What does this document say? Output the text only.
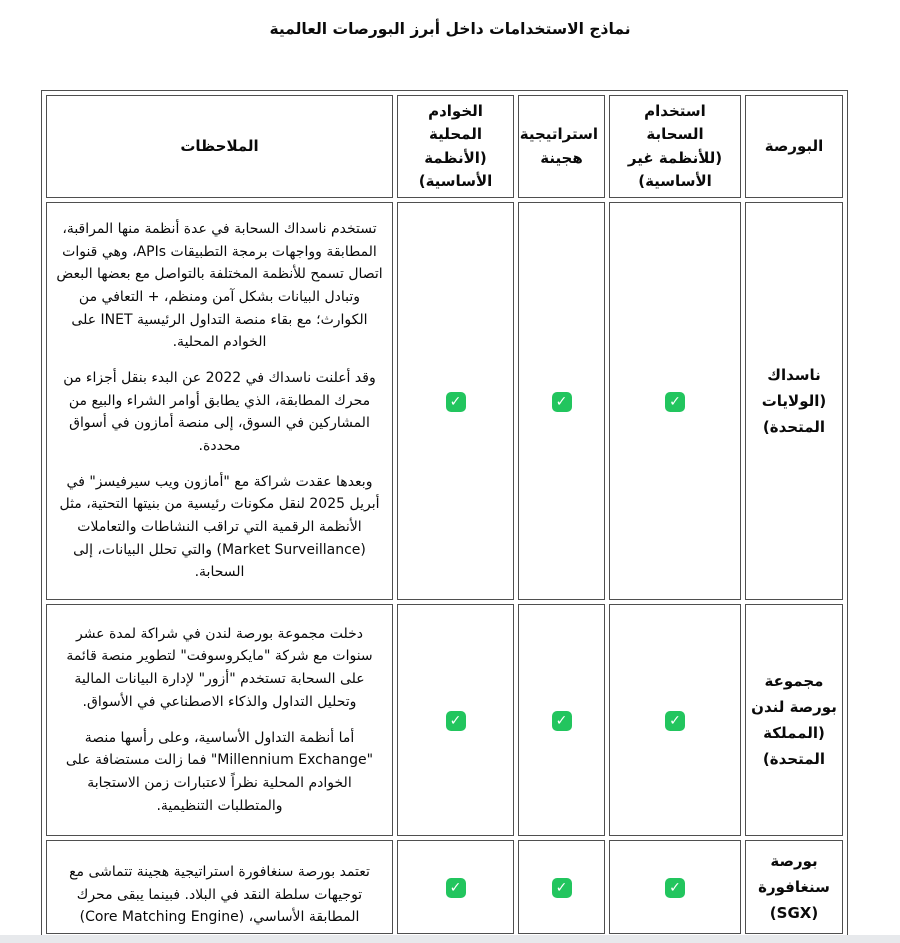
نماذج الاستخدامات داخل أبرز البورصات العالمية
البورصة	استخدام السحابة (للأنظمة غير الأساسية)	استراتيجية هجينة	الخوادم المحلية (الأنظمة الأساسية)	الملاحظات
ناسداك (الولايات المتحدة)	✓	✓	✓	تستخدم ناسداك السحابة في عدة أنظمة منها المراقبة، المطابقة وواجهات برمجة التطبيقات APIs، وهي قنوات اتصال تسمح للأنظمة المختلفة بالتواصل مع بعضها البعض وتبادل البيانات بشكل آمن ومنظم، + التعافي من الكوارث؛ مع بقاء منصة التداول الرئيسية INET على الخوادم المحلية.

وقد أعلنت ناسداك في 2022 عن البدء بنقل أجزاء من محرك المطابقة، الذي يطابق أوامر الشراء والبيع من المشاركين في السوق، إلى منصة أمازون في أسواق محددة.

وبعدها عقدت شراكة مع "أمازون ويب سيرفيسز" في أبريل 2025 لنقل مكونات رئيسية من بنيتها التحتية، مثل الأنظمة الرقمية التي تراقب النشاطات والتعاملات (Market Surveillance) والتي تحلل البيانات، إلى السحابة.

مجموعة بورصة لندن (المملكة المتحدة)	✓	✓	✓	دخلت مجموعة بورصة لندن في شراكة لمدة عشر سنوات مع شركة "مايكروسوفت" لتطوير منصة قائمة على السحابة تستخدم "أزور" لإدارة البيانات المالية وتحليل التداول والذكاء الاصطناعي في الأسواق.

أما أنظمة التداول الأساسية، وعلى رأسها منصة "Millennium Exchange" فما زالت مستضافة على الخوادم المحلية نظراً لاعتبارات زمن الاستجابة والمتطلبات التنظيمية.

بورصة سنغافورة (SGX)	✓	✓	✓	تعتمد بورصة سنغافورة استراتيجية هجينة تتماشى مع توجيهات سلطة النقد في البلاد. فبينما يبقى محرك المطابقة الأساسي، (Core Matching Engine)
